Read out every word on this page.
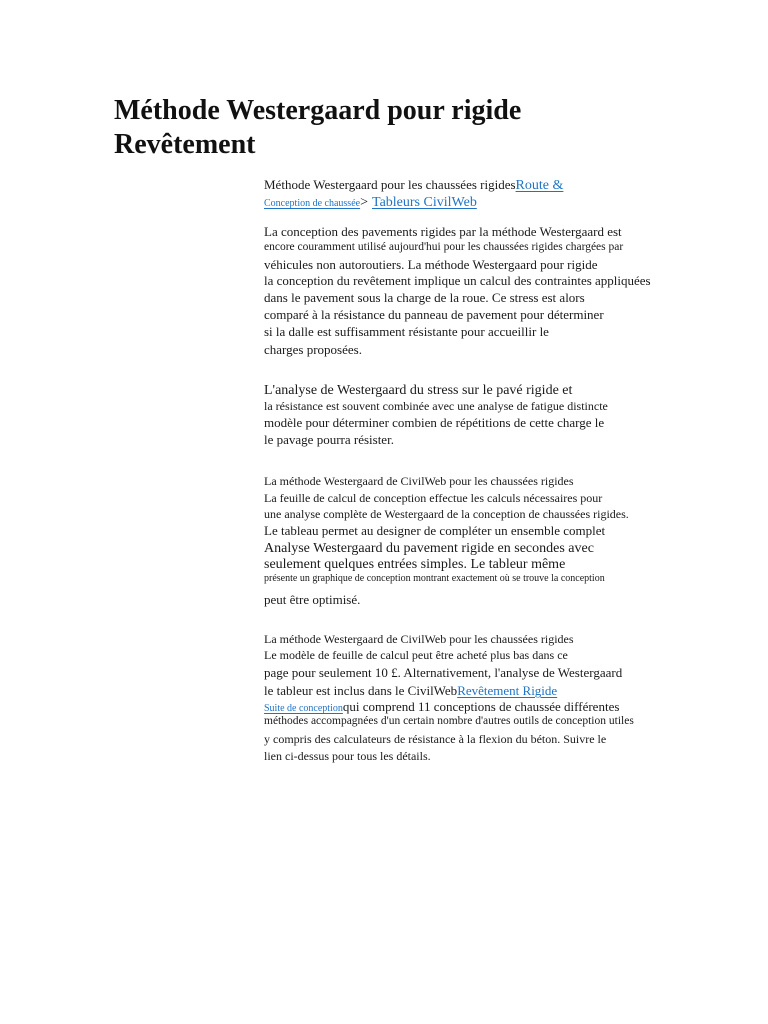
Méthode Westergaard pour rigide
Revêtement
Méthode Westergaard pour les chaussées rigidesRoute &
Conception de chaussée> Tableurs CivilWeb
La conception des pavements rigides par la méthode Westergaard est
encore couramment utilisé aujourd'hui pour les chaussées rigides chargées par
véhicules non autoroutiers. La méthode Westergaard pour rigide
la conception du revêtement implique un calcul des contraintes appliquées
dans le pavement sous la charge de la roue. Ce stress est alors
comparé à la résistance du panneau de pavement pour déterminer
si la dalle est suffisamment résistante pour accueillir le
charges proposées.
L'analyse de Westergaard du stress sur le pavé rigide et
la résistance est souvent combinée avec une analyse de fatigue distincte
modèle pour déterminer combien de répétitions de cette charge le
le pavage pourra résister.
La méthode Westergaard de CivilWeb pour les chaussées rigides
La feuille de calcul de conception effectue les calculs nécessaires pour
une analyse complète de Westergaard de la conception de chaussées rigides.
Le tableau permet au designer de compléter un ensemble complet
Analyse Westergaard du pavement rigide en secondes avec
seulement quelques entrées simples. Le tableur même
présente un graphique de conception montrant exactement où se trouve la conception
peut être optimisé.
La méthode Westergaard de CivilWeb pour les chaussées rigides
Le modèle de feuille de calcul peut être acheté plus bas dans ce
page pour seulement 10 £. Alternativement, l'analyse de Westergaard
le tableur est inclus dans le CivilWebRevêtement Rigide
Suite de conceptionqui comprend 11 conceptions de chaussée différentes
méthodes accompagnées d'un certain nombre d'autres outils de conception utiles
y compris des calculateurs de résistance à la flexion du béton. Suivre le
lien ci-dessus pour tous les détails.
